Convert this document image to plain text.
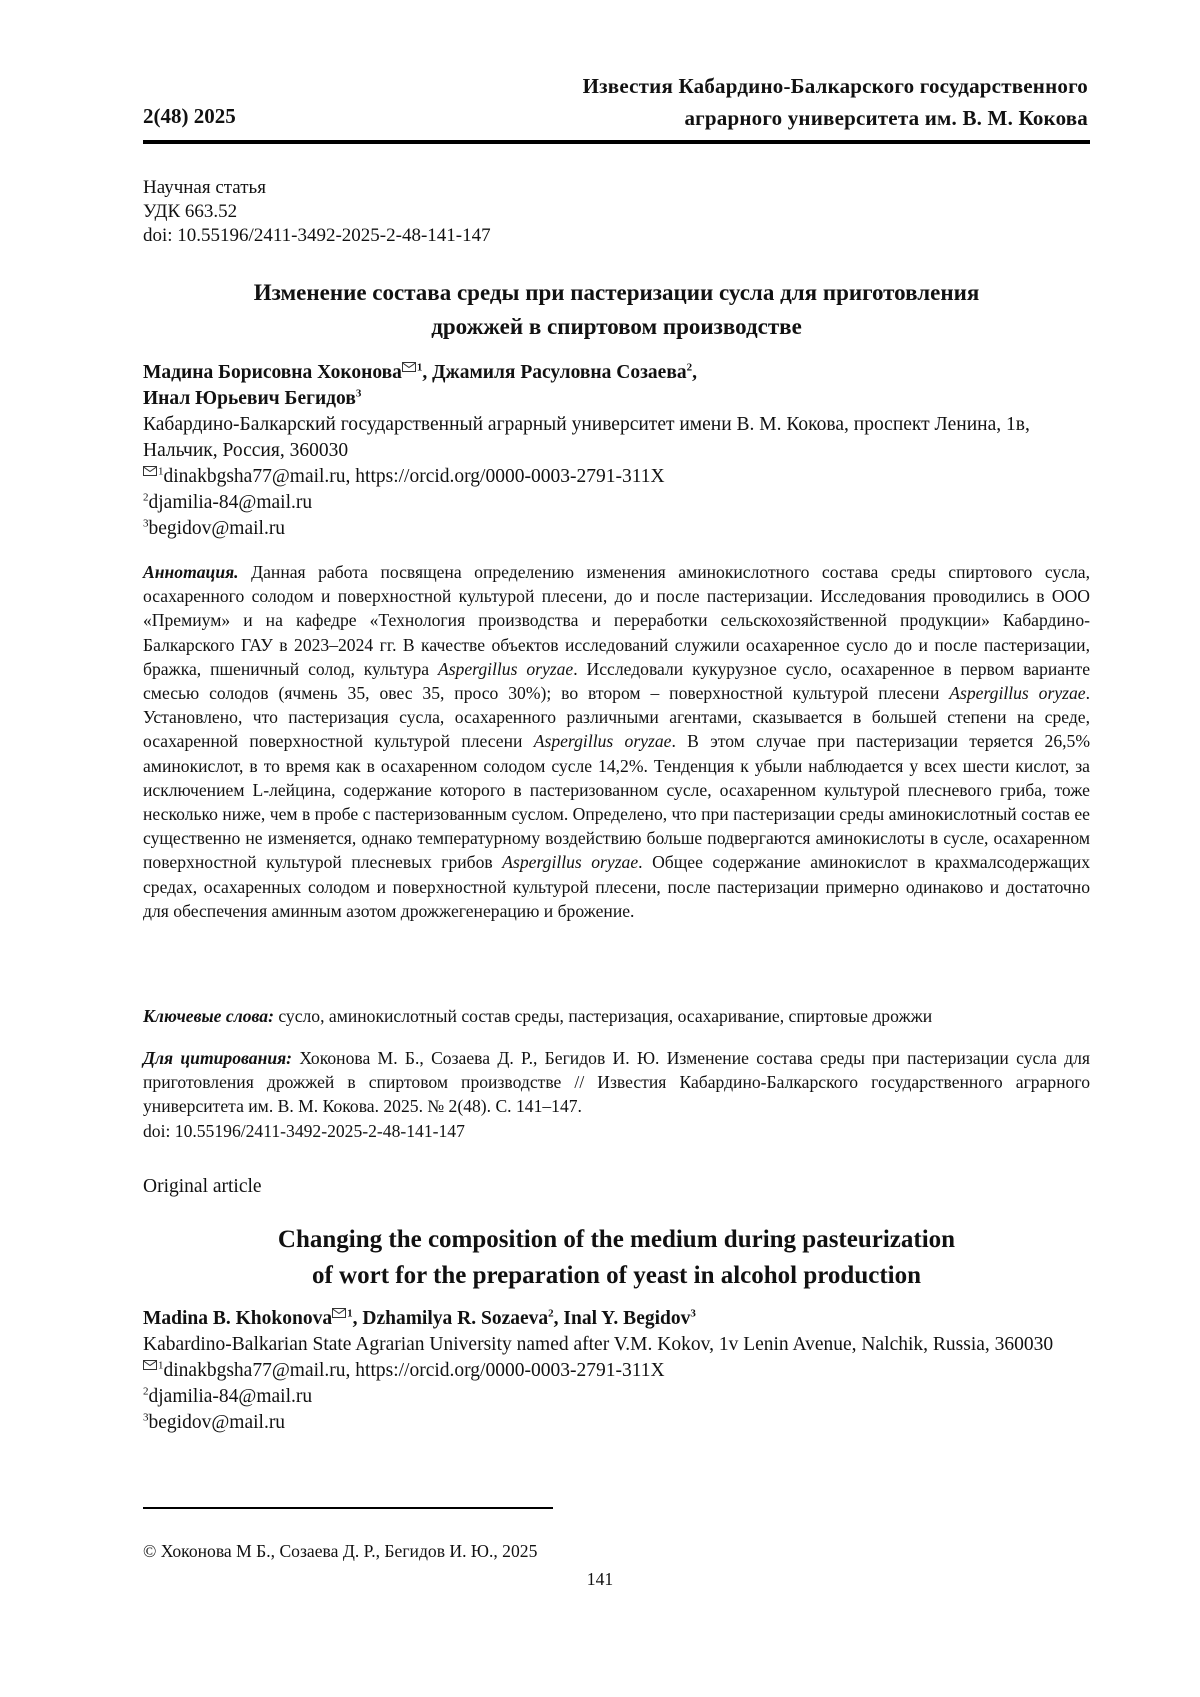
2(48) 2025
Известия Кабардино-Балкарского государственного
аграрного университета им. В. М. Кокова
Научная статья
УДК 663.52
doi: 10.55196/2411-3492-2025-2-48-141-147
Изменение состава среды при пастеризации сусла для приготовления
дрожжей в спиртовом производстве
Мадина Борисовна Хоконова 1, Джамиля Расуловна Созаева2,
Инал Юрьевич Бегидов3
Кабардино-Балкарский государственный аграрный университет имени В. М. Кокова, проспект Ленина, 1в, Нальчик, Россия, 360030
1dinakbgsha77@mail.ru, https://orcid.org/0000-0003-2791-311X
2djamilia-84@mail.ru
3begidov@mail.ru
Аннотация. Данная работа посвящена определению изменения аминокислотного состава среды спиртового сусла, осахаренного солодом и поверхностной культурой плесени, до и после пастеризации. Исследования проводились в ООО «Премиум» и на кафедре «Технология производства и переработки сельскохозяйственной продукции» Кабардино-Балкарского ГАУ в 2023–2024 гг. В качестве объектов исследований служили осахаренное сусло до и после пастеризации, бражка, пшеничный солод, культура Aspergillus oryzae. Исследовали кукурузное сусло, осахаренное в первом варианте смесью солодов (ячмень 35, овес 35, просо 30%); во втором – поверхностной культурой плесени Aspergillus oryzae. Установлено, что пастеризация сусла, осахаренного различными агентами, сказывается в большей степени на среде, осахаренной поверхностной культурой плесени Aspergillus oryzae. В этом случае при пастеризации теряется 26,5% аминокислот, в то время как в осахаренном солодом сусле 14,2%. Тенденция к убыли наблюдается у всех шести кислот, за исключением L-лейцина, содержание которого в пастеризованном сусле, осахаренном культурой плесневого гриба, тоже несколько ниже, чем в пробе с пастеризованным суслом. Определено, что при пастеризации среды аминокислотный состав ее существенно не изменяется, однако температурному воздействию больше подвергаются аминокислоты в сусле, осахаренном поверхностной культурой плесневых грибов Aspergillus oryzae. Общее содержание аминокислот в крахмалсодержащих средах, осахаренных солодом и поверхностной культурой плесени, после пастеризации примерно одинаково и достаточно для обеспечения аминным азотом дрожжегенерацию и брожение.
Ключевые слова: сусло, аминокислотный состав среды, пастеризация, осахаривание, спиртовые дрожжи
Для цитирования: Хоконова М. Б., Созаева Д. Р., Бегидов И. Ю. Изменение состава среды при пастеризации сусла для приготовления дрожжей в спиртовом производстве // Известия Кабардино-Балкарского государственного аграрного университета им. В. М. Кокова. 2025. № 2(48). С. 141–147.
doi: 10.55196/2411-3492-2025-2-48-141-147
Original article
Changing the composition of the medium during pasteurization
of wort for the preparation of yeast in alcohol production
Madina B. Khokonova 1, Dzhamilya R. Sozaeva2, Inal Y. Begidov3
Kabardino-Balkarian State Agrarian University named after V.M. Kokov, 1v Lenin Avenue, Nalchik, Russia, 360030
1dinakbgsha77@mail.ru, https://orcid.org/0000-0003-2791-311X
2djamilia-84@mail.ru
3begidov@mail.ru
© Хоконова М Б., Созаева Д. Р., Бегидов И. Ю., 2025
141
